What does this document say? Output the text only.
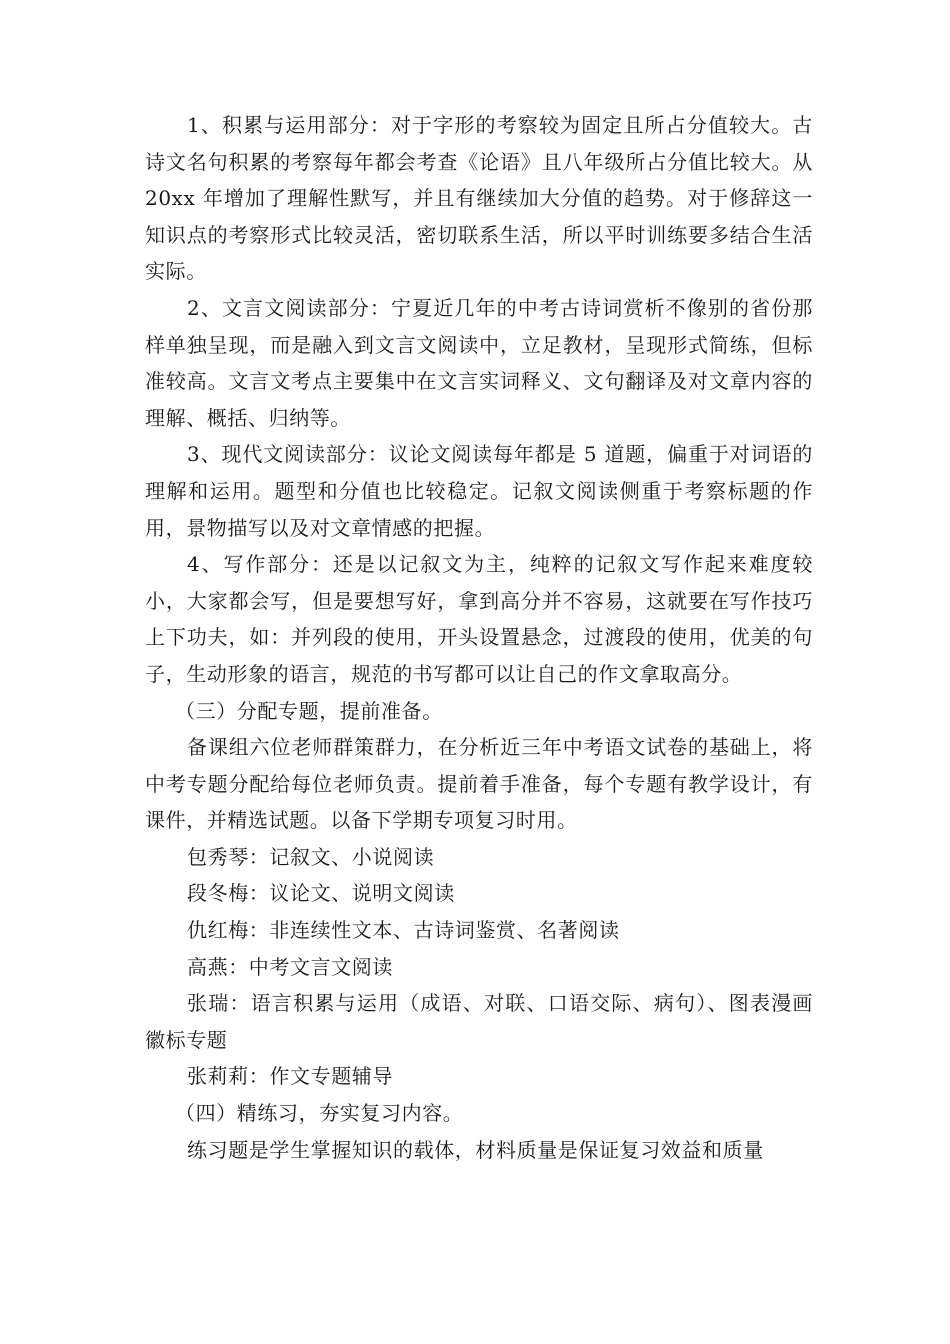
1、积累与运用部分：对于字形的考察较为固定且所占分值较大。古诗文名句积累的考察每年都会考查《论语》且八年级所占分值比较大。从 20xx 年增加了理解性默写，并且有继续加大分值的趋势。对于修辞这一知识点的考察形式比较灵活，密切联系生活，所以平时训练要多结合生活实际。

2、文言文阅读部分：宁夏近几年的中考古诗词赏析不像别的省份那样单独呈现，而是融入到文言文阅读中，立足教材，呈现形式简练，但标准较高。文言文考点主要集中在文言实词释义、文句翻译及对文章内容的理解、概括、归纳等。

3、现代文阅读部分：议论文阅读每年都是 5 道题，偏重于对词语的理解和运用。题型和分值也比较稳定。记叙文阅读侧重于考察标题的作用，景物描写以及对文章情感的把握。

4、写作部分：还是以记叙文为主，纯粹的记叙文写作起来难度较小，大家都会写，但是要想写好，拿到高分并不容易，这就要在写作技巧上下功夫，如：并列段的使用，开头设置悬念，过渡段的使用，优美的句子，生动形象的语言，规范的书写都可以让自己的作文拿取高分。

（三）分配专题，提前准备。

备课组六位老师群策群力，在分析近三年中考语文试卷的基础上，将中考专题分配给每位老师负责。提前着手准备，每个专题有教学设计，有课件，并精选试题。以备下学期专项复习时用。

包秀琴：记叙文、小说阅读

段冬梅：议论文、说明文阅读

仇红梅：非连续性文本、古诗词鉴赏、名著阅读

高燕：中考文言文阅读

张瑞：语言积累与运用（成语、对联、口语交际、病句）、图表漫画徽标专题

张莉莉：作文专题辅导

（四）精练习，夯实复习内容。

练习题是学生掌握知识的载体，材料质量是保证复习效益和质量
